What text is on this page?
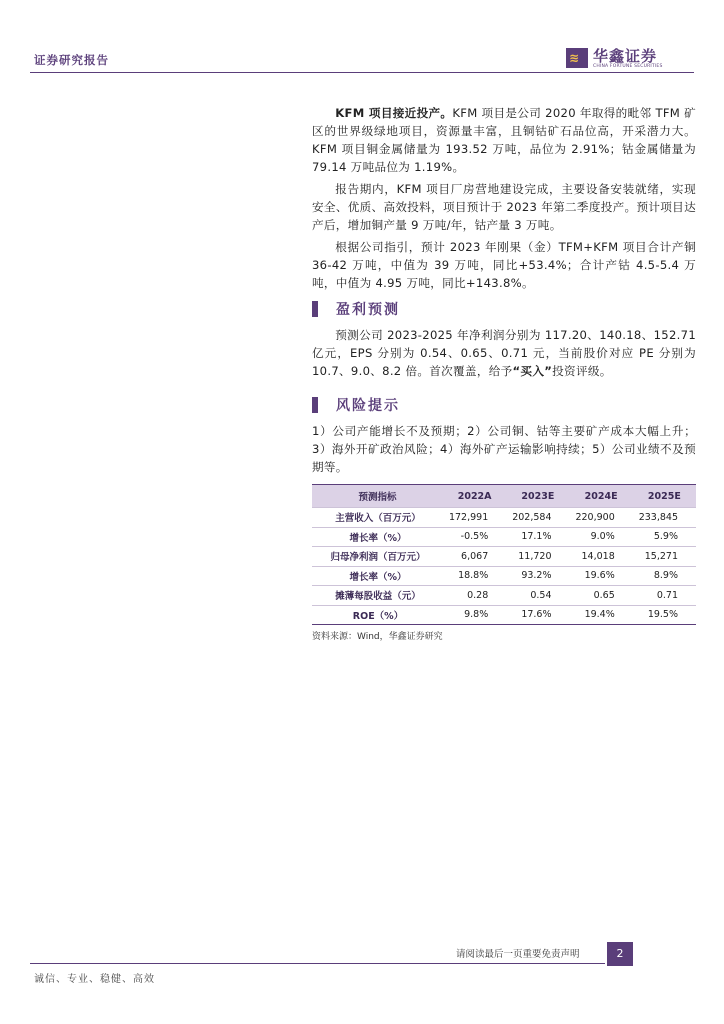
证券研究报告	≋ 华鑫证券
CHINA FORTUNE SECURITIES

KFM 项目接近投产。KFM 项目是公司 2020 年取得的毗邻 TFM 矿区的世界级绿地项目，资源量丰富，且铜钴矿石品位高，开采潜力大。KFM 项目铜金属储量为 193.52 万吨，品位为 2.91%；钴金属储量为 79.14 万吨品位为 1.19%。

报告期内，KFM 项目厂房营地建设完成，主要设备安装就绪，实现安全、优质、高效投料，项目预计于 2023 年第二季度投产。预计项目达产后，增加铜产量 9 万吨/年，钴产量 3 万吨。

根据公司指引，预计 2023 年刚果（金）TFM+KFM 项目合计产铜 36-42 万吨，中值为 39 万吨，同比+53.4%；合计产钴 4.5-5.4 万吨，中值为 4.95 万吨，同比+143.8%。

盈利预测

预测公司 2023-2025 年净利润分别为 117.20、140.18、152.71 亿元，EPS 分别为 0.54、0.65、0.71 元，当前股价对应 PE 分别为 10.7、9.0、8.2 倍。首次覆盖，给予“买入”投资评级。

风险提示

1）公司产能增长不及预期；2）公司铜、钴等主要矿产成本大幅上升；3）海外开矿政治风险；4）海外矿产运输影响持续；5）公司业绩不及预期等。

预测指标	2022A	2023E	2024E	2025E
主营收入（百万元）	172,991	202,584	220,900	233,845
增长率（%）	-0.5%	17.1%	9.0%	5.9%
归母净利润（百万元）	6,067	11,720	14,018	15,271
增长率（%）	18.8%	93.2%	19.6%	8.9%
摊薄每股收益（元）	0.28	0.54	0.65	0.71
ROE（%）	9.8%	17.6%	19.4%	19.5%
资料来源：Wind，华鑫证券研究
请阅读最后一页重要免责声明	2
诚信、专业、稳健、高效
